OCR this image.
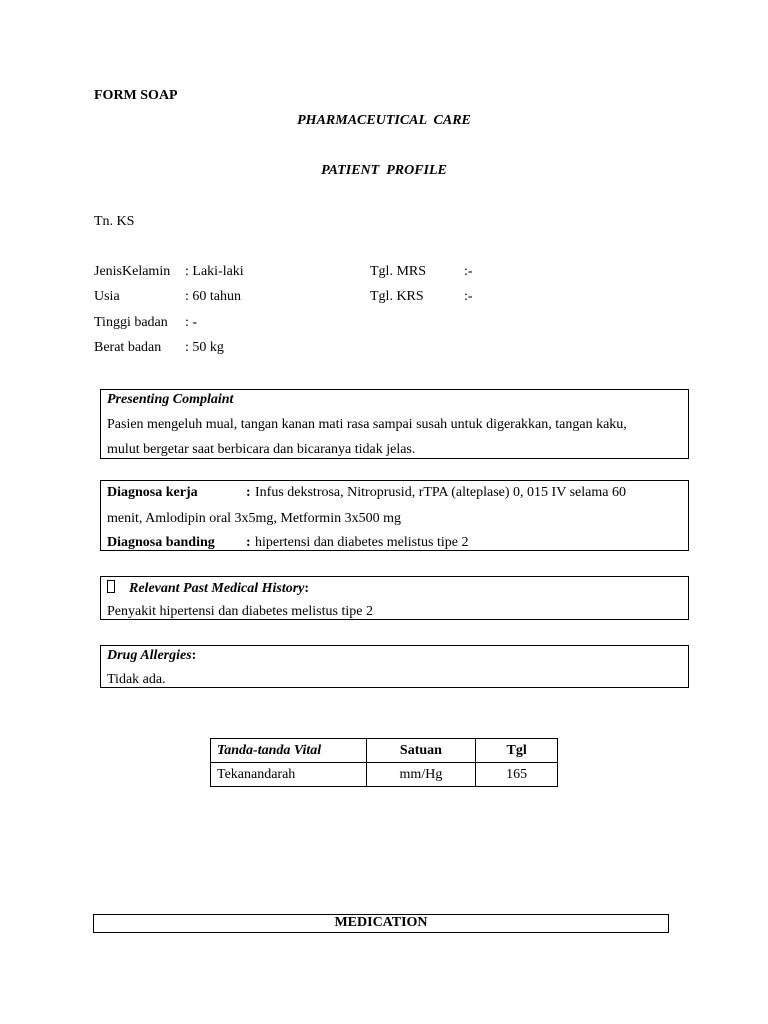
FORM SOAP
PHARMACEUTICAL  CARE
PATIENT  PROFILE
Tn. KS
JenisKelamin : Laki-laki	Tgl. MRS	:-
Usia	: 60 tahun	Tgl. KRS	:-
Tinggi badan : -
Berat badan : 50 kg
Presenting Complaint
Pasien mengeluh mual, tangan kanan mati rasa sampai susah untuk digerakkan, tangan kaku,
mulut bergetar saat berbicara dan bicaranya tidak jelas.
Diagnosa kerja	: Infus dekstrosa, Nitroprusid, rTPA (alteplase) 0, 015 IV selama 60
menit, Amlodipin oral 3x5mg, Metformin 3x500 mg
Diagnosa banding : hipertensi dan diabetes melistus tipe 2
Relevant Past Medical History:
Penyakit hipertensi dan diabetes melistus tipe 2
Drug Allergies:
Tidak ada.
Tanda-tanda Vital	Satuan	Tgl
Tekanandarah	mm/Hg	165
MEDICATION
